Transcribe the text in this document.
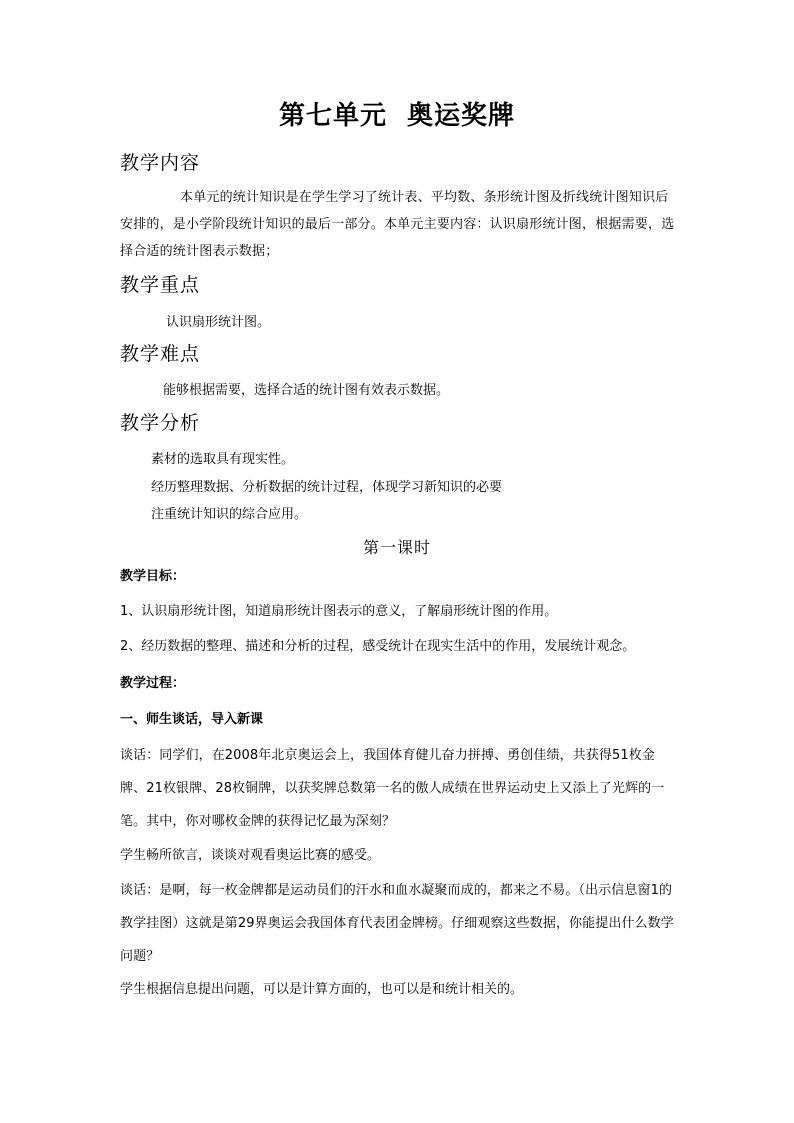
第七单元  奥运奖牌
教学内容
本单元的统计知识是在学生学习了统计表、平均数、条形统计图及折线统计图知识后安排的，是小学阶段统计知识的最后一部分。本单元主要内容：认识扇形统计图，根据需要，选择合适的统计图表示数据；
教学重点
认识扇形统计图。
教学难点
能够根据需要，选择合适的统计图有效表示数据。
教学分析
素材的选取具有现实性。
经历整理数据、分析数据的统计过程，体现学习新知识的必要
注重统计知识的综合应用。
第一课时
教学目标：
1、认识扇形统计图，知道扇形统计图表示的意义，了解扇形统计图的作用。
2、经历数据的整理、描述和分析的过程，感受统计在现实生活中的作用，发展统计观念。
教学过程：
一、师生谈话，导入新课
谈话：同学们，在2008年北京奥运会上，我国体育健儿奋力拼搏、勇创佳绩，共获得51枚金牌、21枚银牌、28枚铜牌，以获奖牌总数第一名的傲人成绩在世界运动史上又添上了光辉的一笔。其中，你对哪枚金牌的获得记忆最为深刻？
学生畅所欲言，谈谈对观看奥运比赛的感受。
谈话：是啊，每一枚金牌都是运动员们的汗水和血水凝聚而成的，都来之不易。（出示信息窗1的教学挂图）这就是第29界奥运会我国体育代表团金牌榜。仔细观察这些数据，你能提出什么数学问题？
学生根据信息提出问题，可以是计算方面的，也可以是和统计相关的。
